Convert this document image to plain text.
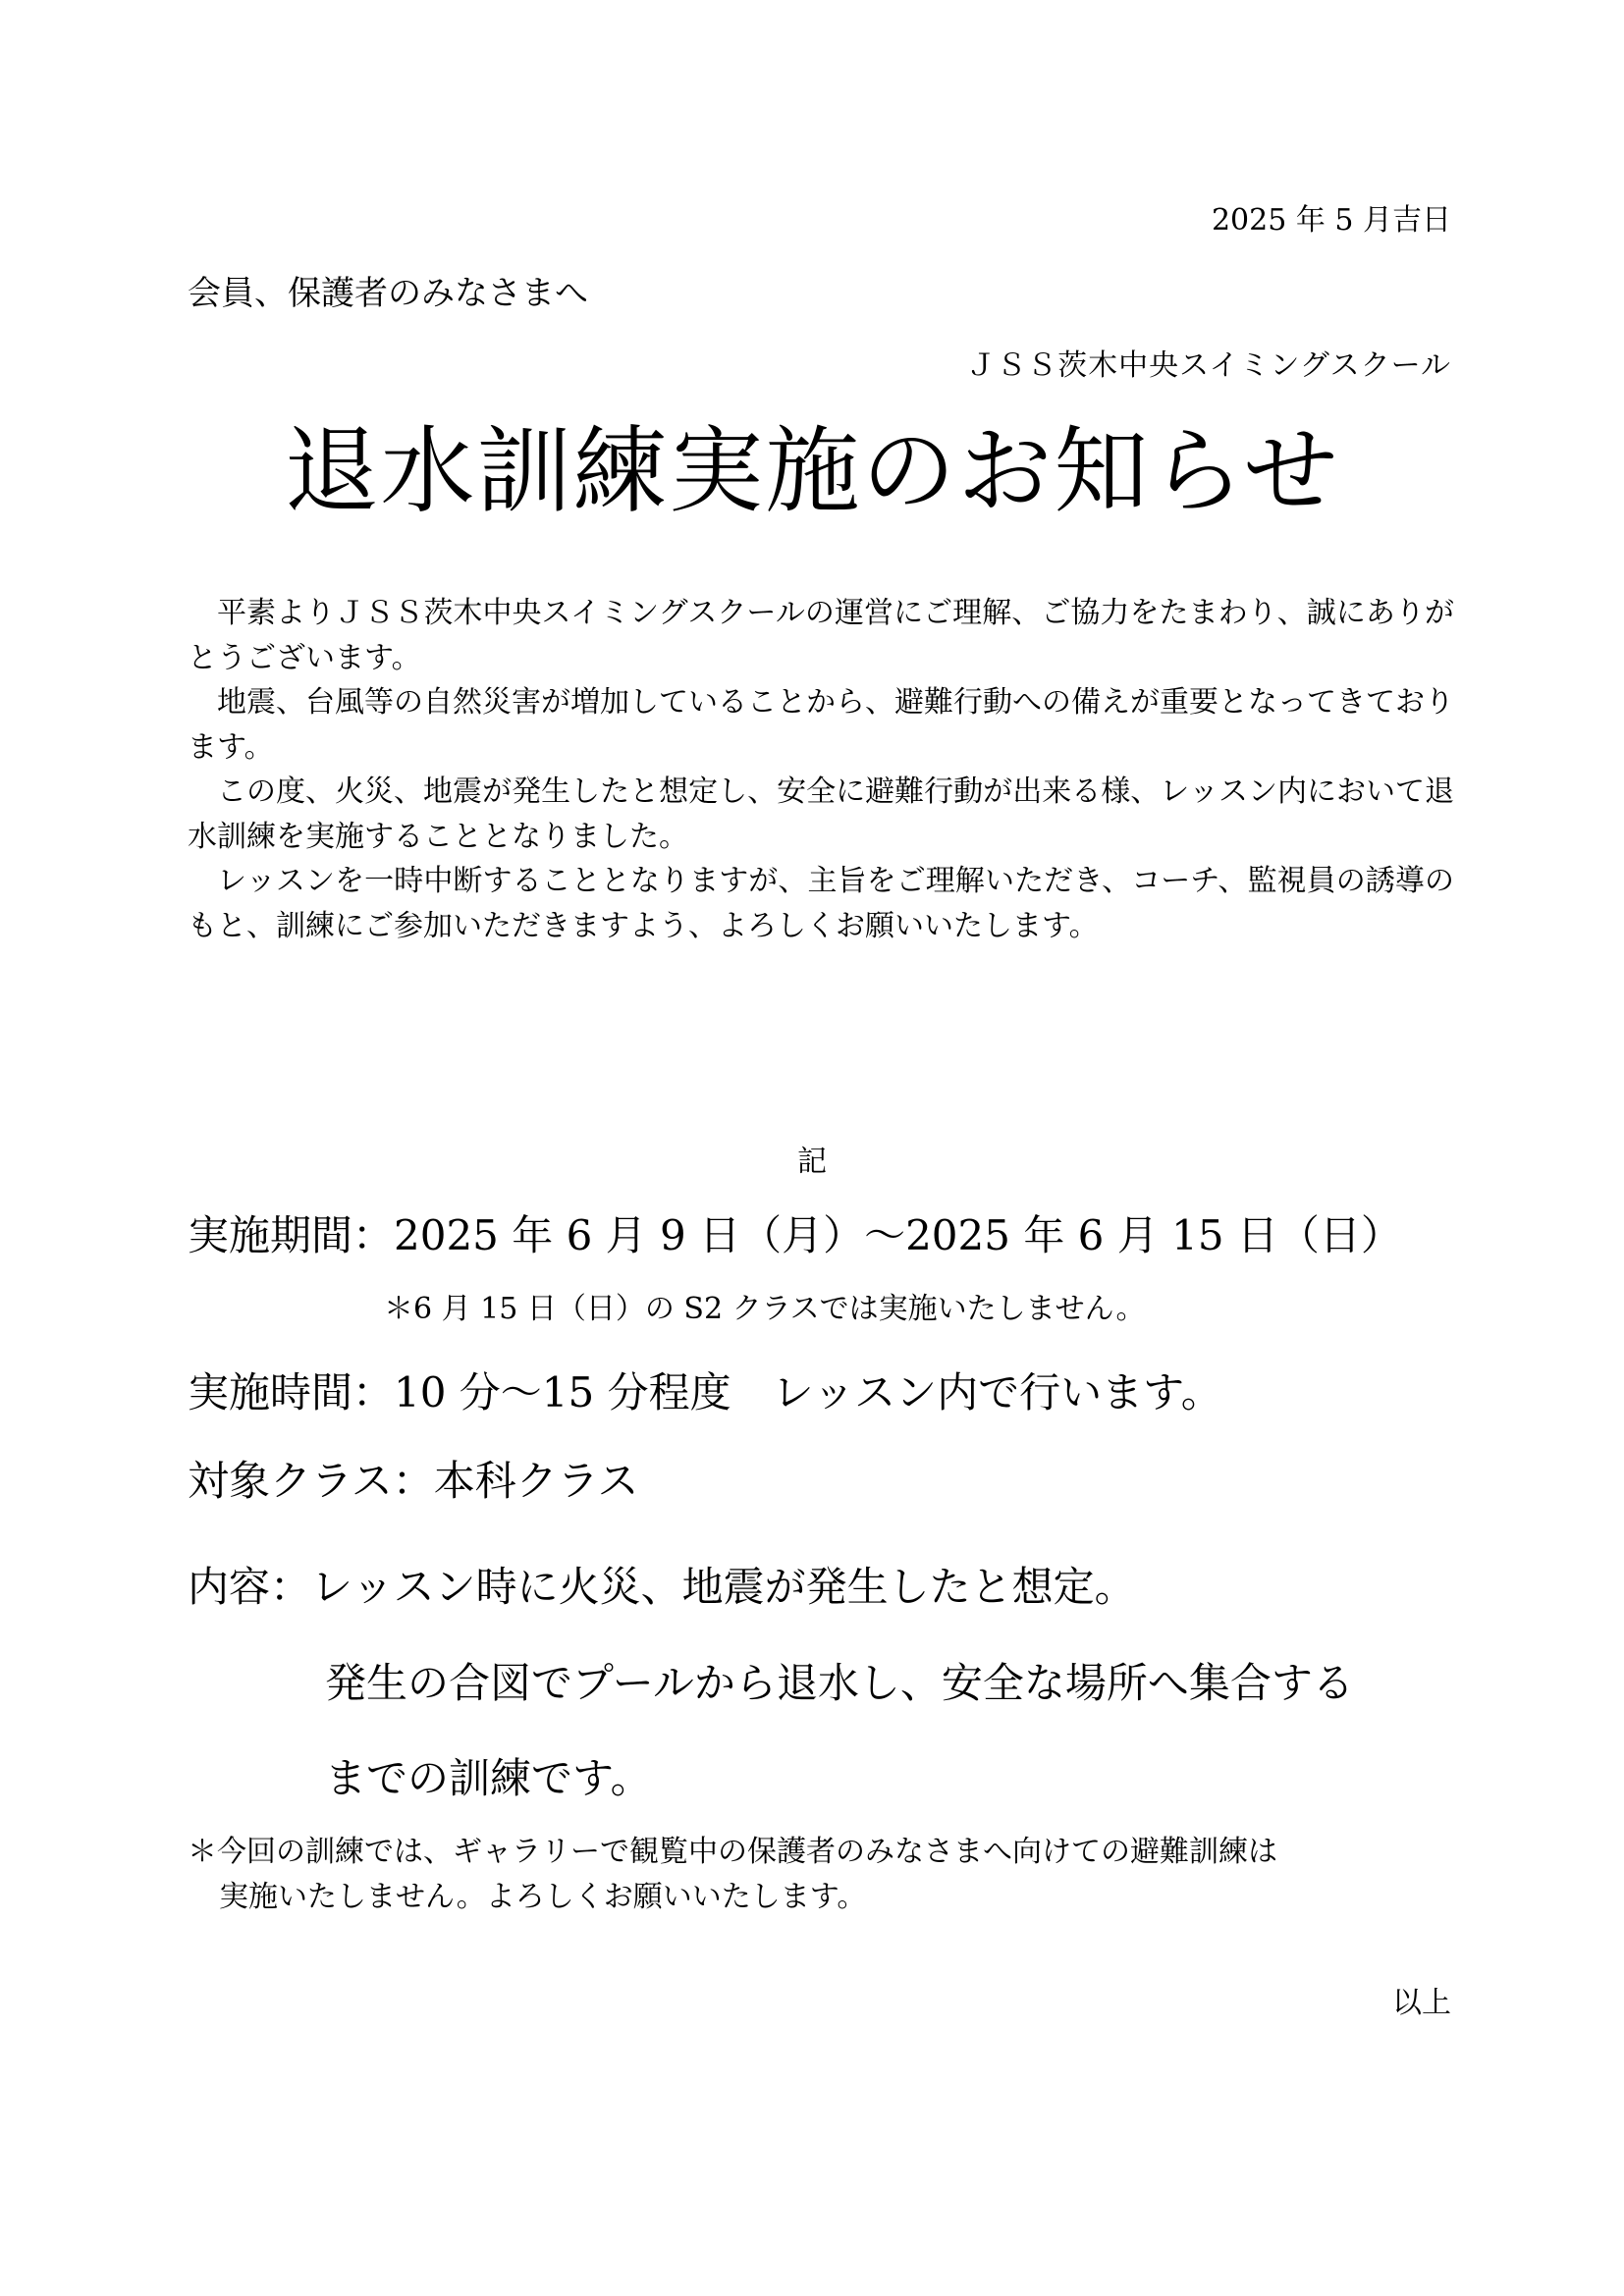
2025 年 5 月吉日
会員、保護者のみなさまへ
ＪＳＳ茨木中央スイミングスクール
退水訓練実施のお知らせ

平素よりＪＳＳ茨木中央スイミングスクールの運営にご理解、ご協力をたまわり、誠にありがとうございます。

地震、台風等の自然災害が増加していることから、避難行動への備えが重要となってきております。

この度、火災、地震が発生したと想定し、安全に避難行動が出来る様、レッスン内において退水訓練を実施することとなりました。

レッスンを一時中断することとなりますが、主旨をご理解いただき、コーチ、監視員の誘導のもと、訓練にご参加いただきますよう、よろしくお願いいたします。

記
実施期間：2025 年 6 月 9 日（月）～2025 年 6 月 15 日（日）
＊6 月 15 日（日）の S2 クラスでは実施いたしません。
実施時間：10 分～15 分程度　レッスン内で行います。
対象クラス：本科クラス
内容：レッスン時に火災、地震が発生したと想定。
発生の合図でプールから退水し、安全な場所へ集合する
までの訓練です。
＊今回の訓練では、ギャラリーで観覧中の保護者のみなさまへ向けての避難訓練は
実施いたしません。よろしくお願いいたします。
以上
